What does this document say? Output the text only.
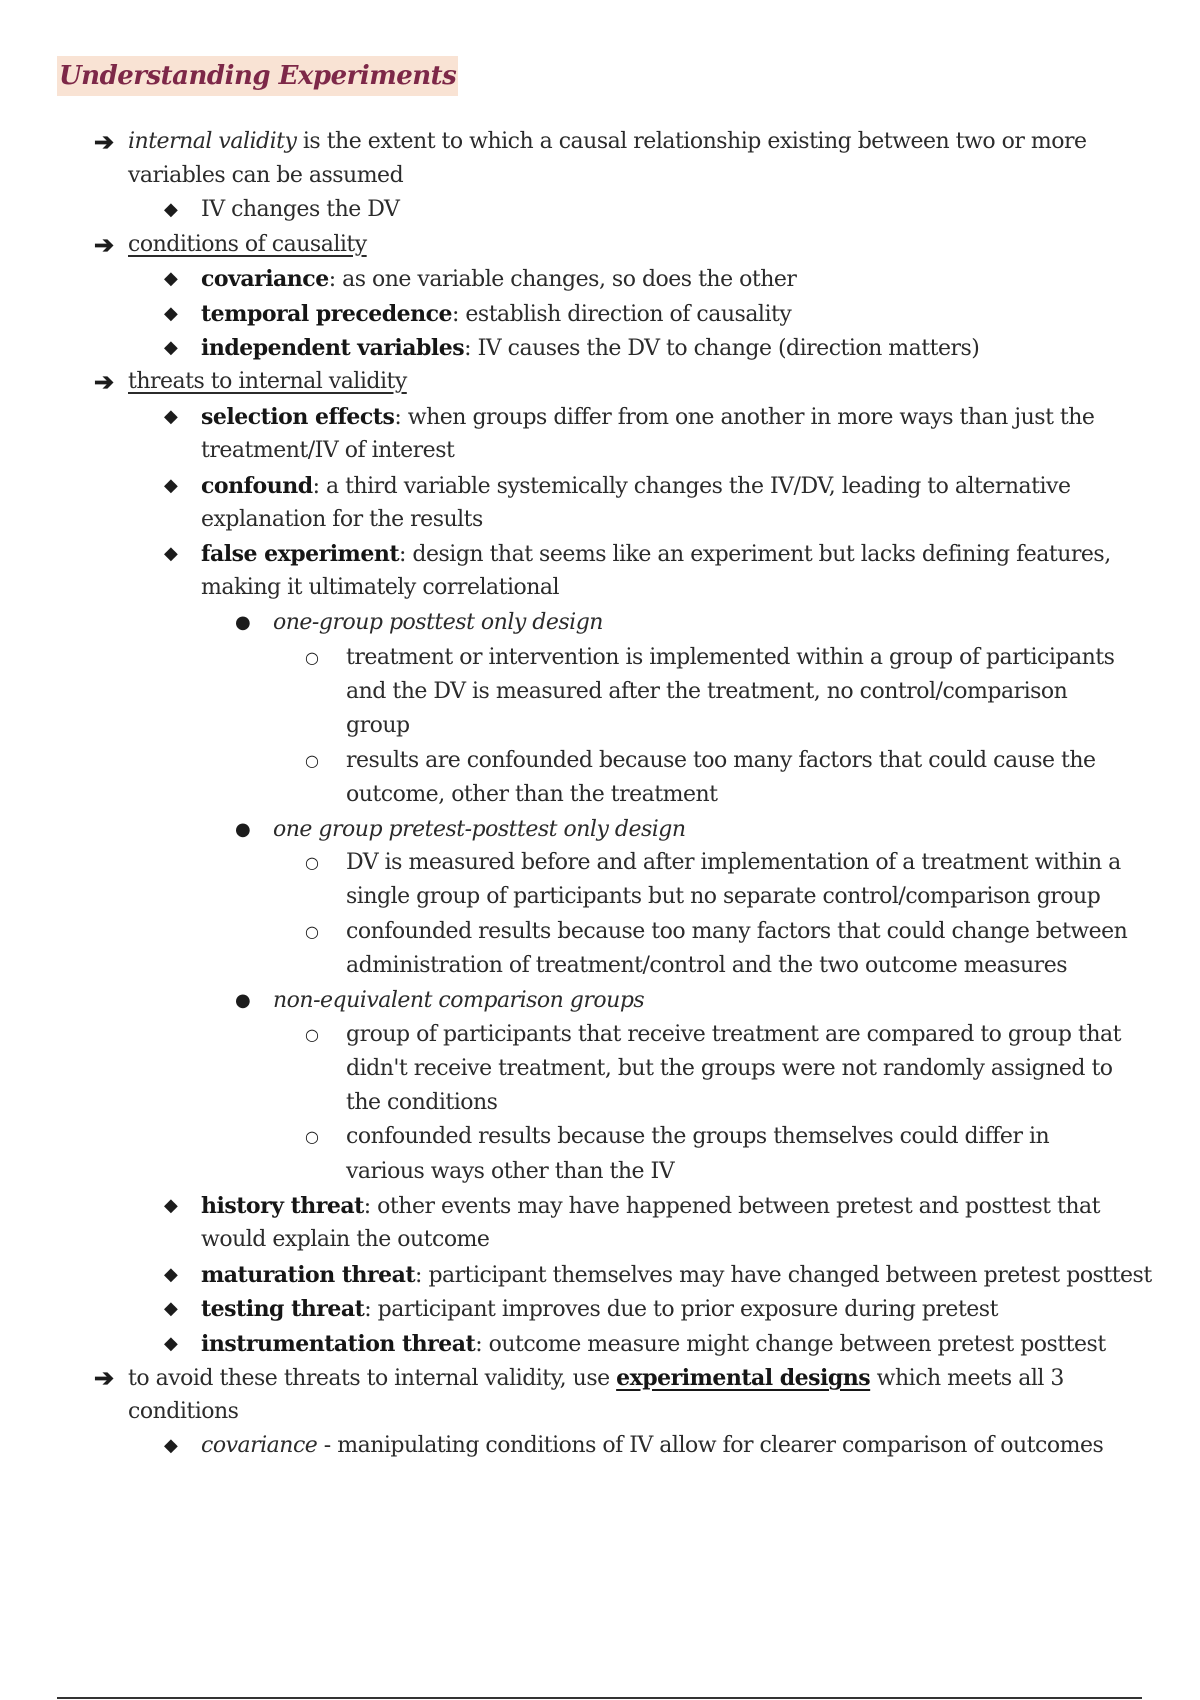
Understanding Experiments
➔ internal validity is the extent to which a causal relationship existing between two or more
variables can be assumed
◆ IV changes the DV
➔ conditions of causality
◆ covariance: as one variable changes, so does the other
◆ temporal precedence: establish direction of causality
◆ independent variables: IV causes the DV to change (direction matters)
➔ threats to internal validity
◆ selection effects: when groups differ from one another in more ways than just the
treatment/IV of interest
◆ confound: a third variable systemically changes the IV/DV, leading to alternative
explanation for the results
◆ false experiment: design that seems like an experiment but lacks defining features,
making it ultimately correlational
● one-group posttest only design
○ treatment or intervention is implemented within a group of participants
and the DV is measured after the treatment, no control/comparison
group
○ results are confounded because too many factors that could cause the
outcome, other than the treatment
● one group pretest-posttest only design
○ DV is measured before and after implementation of a treatment within a
single group of participants but no separate control/comparison group
○ confounded results because too many factors that could change between
administration of treatment/control and the two outcome measures
● non-equivalent comparison groups
○ group of participants that receive treatment are compared to group that
didn't receive treatment, but the groups were not randomly assigned to
the conditions
○ confounded results because the groups themselves could differ in
various ways other than the IV
◆ history threat: other events may have happened between pretest and posttest that
would explain the outcome
◆ maturation threat: participant themselves may have changed between pretest posttest
◆ testing threat: participant improves due to prior exposure during pretest
◆ instrumentation threat: outcome measure might change between pretest posttest
➔ to avoid these threats to internal validity, use experimental designs which meets all 3
conditions
◆ covariance - manipulating conditions of IV allow for clearer comparison of outcomes
